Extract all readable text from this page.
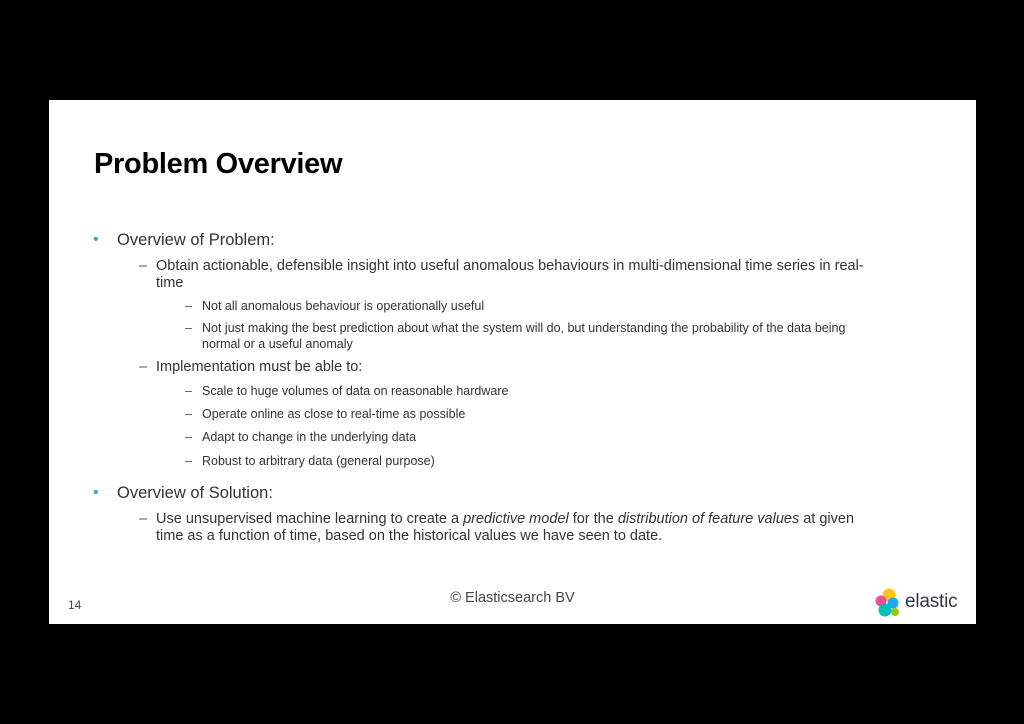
Problem Overview
• Overview of Problem:
– Obtain actionable, defensible insight into useful anomalous behaviours in multi-dimensional time series in real-time
– Not all anomalous behaviour is operationally useful
– Not just making the best prediction about what the system will do, but understanding the probability of the data being normal or a useful anomaly
– Implementation must be able to:
– Scale to huge volumes of data on reasonable hardware
– Operate online as close to real-time as possible
– Adapt to change in the underlying data
– Robust to arbitrary data (general purpose)
• Overview of Solution:
– Use unsupervised machine learning to create a predictive model for the distribution of feature values at given time as a function of time, based on the historical values we have seen to date.
© Elasticsearch BV
14	elastic
